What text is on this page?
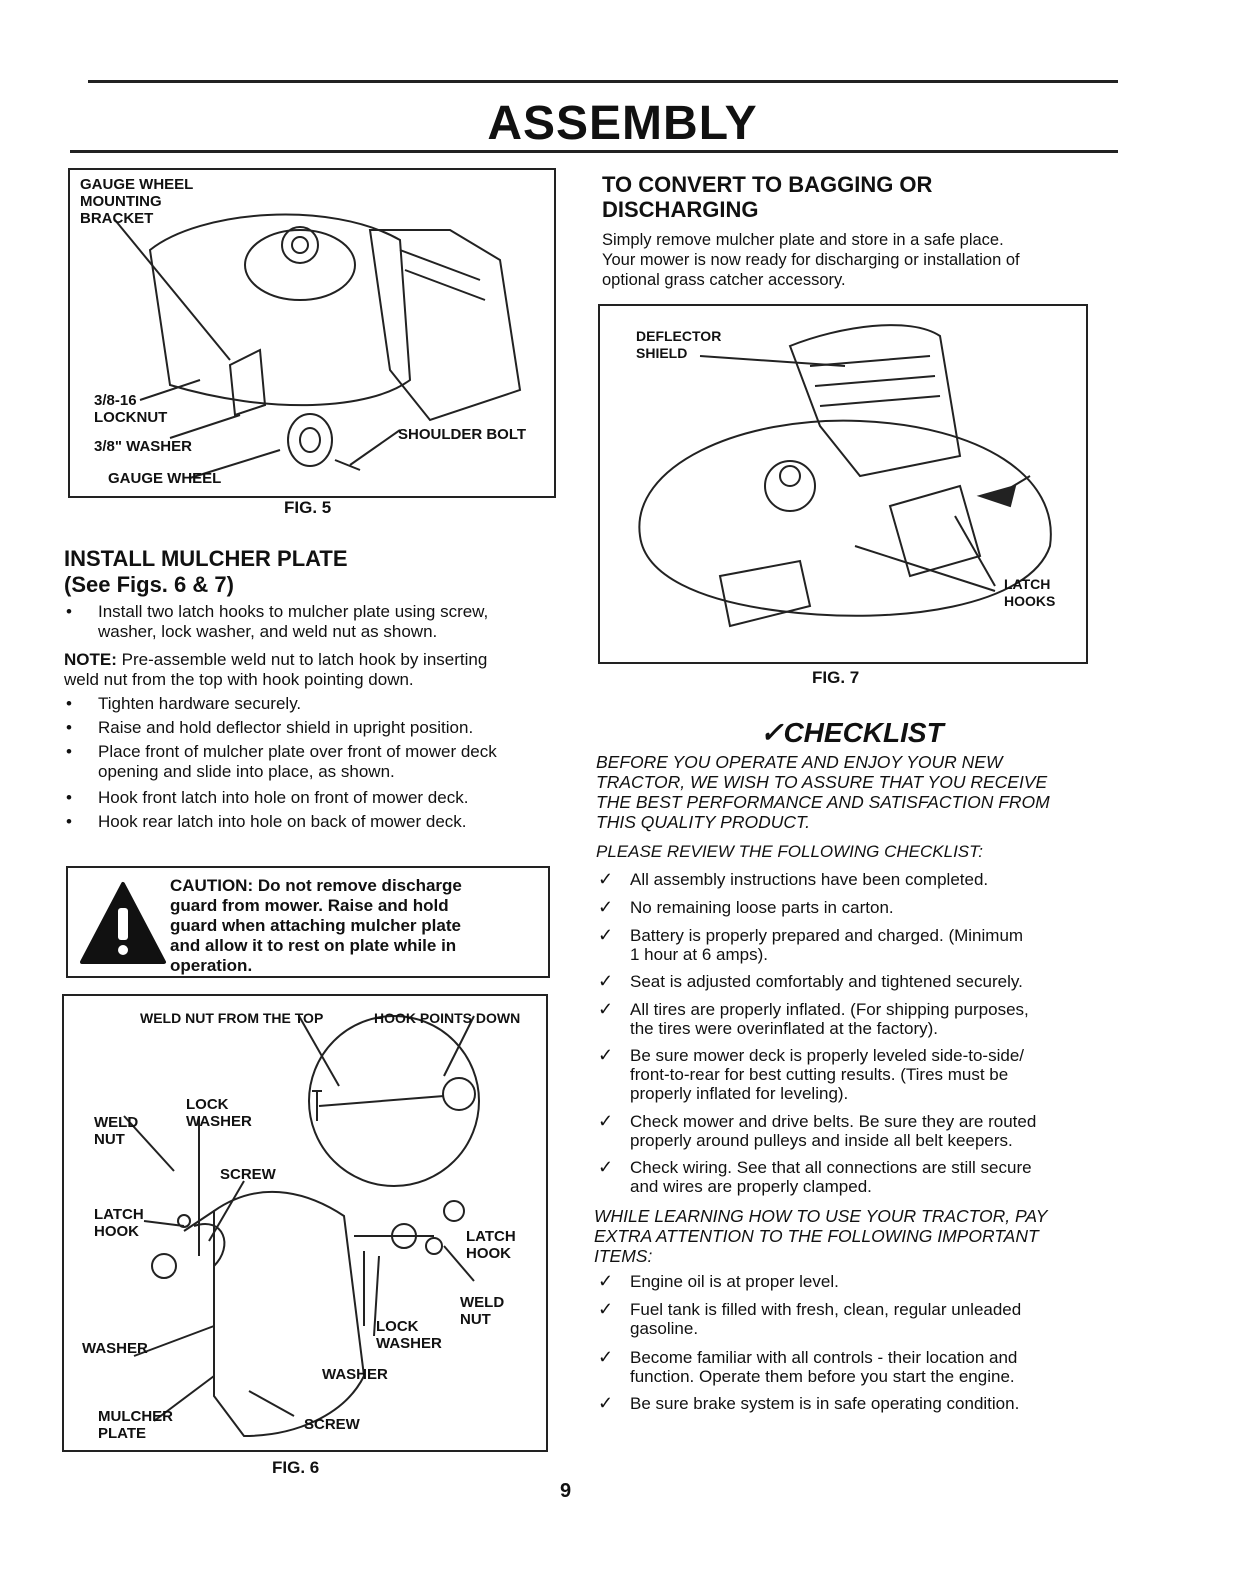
ASSEMBLY
GAUGE WHEEL
MOUNTING
BRACKET
3/8-16
LOCKNUT
3/8" WASHER
GAUGE WHEEL
SHOULDER BOLT
FIG. 5
INSTALL MULCHER PLATE
(See Figs. 6 & 7)
• Install two latch hooks to mulcher plate using screw,
washer, lock washer, and weld nut as shown.
NOTE: Pre-assemble weld nut to latch hook by inserting
weld nut from the top with hook pointing down.
• Tighten hardware securely.
• Raise and hold deflector shield in upright position.
• Place front of mulcher plate over front of mower deck
opening and slide into place, as shown.
• Hook front latch into hole on front of mower deck.
• Hook rear latch into hole on back of mower deck.
CAUTION: Do not remove discharge
guard from mower. Raise and hold
guard when attaching mulcher plate
and allow it to rest on plate while in
operation.
WELD NUT FROM THE TOP	HOOK POINTS DOWN
LOCK
WASHER
WELD
NUT
SCREW
LATCH
HOOK	LATCH
HOOK
WELD
NUT
LOCK
WASHER
WASHER
WASHER
MULCHER
PLATE
SCREW
FIG. 6
TO CONVERT TO BAGGING OR
DISCHARGING
Simply remove mulcher plate and store in a safe place.
Your mower is now ready for discharging or installation of
optional grass catcher accessory.
DEFLECTOR
SHIELD
LATCH
HOOKS
FIG. 7
✓CHECKLIST
BEFORE YOU OPERATE AND ENJOY YOUR NEW
TRACTOR, WE WISH TO ASSURE THAT YOU RECEIVE
THE BEST PERFORMANCE AND SATISFACTION FROM
THIS QUALITY PRODUCT.
PLEASE REVIEW THE FOLLOWING CHECKLIST:
✓ All assembly instructions have been completed.
✓ No remaining loose parts in carton.
✓ Battery is properly prepared and charged. (Minimum
1 hour at 6 amps).
✓ Seat is adjusted comfortably and tightened securely.
✓ All tires are properly inflated. (For shipping purposes,
the tires were overinflated at the factory).
✓ Be sure mower deck is properly leveled side-to-side/
front-to-rear for best cutting results. (Tires must be
properly inflated for leveling).
✓ Check mower and drive belts. Be sure they are routed
properly around pulleys and inside all belt keepers.
✓ Check wiring. See that all connections are still secure
and wires are properly clamped.
WHILE LEARNING HOW TO USE YOUR TRACTOR, PAY
EXTRA ATTENTION TO THE FOLLOWING IMPORTANT
ITEMS:
✓ Engine oil is at proper level.
✓ Fuel tank is filled with fresh, clean, regular unleaded
gasoline.
✓ Become familiar with all controls - their location and
function. Operate them before you start the engine.
✓ Be sure brake system is in safe operating condition.
9
